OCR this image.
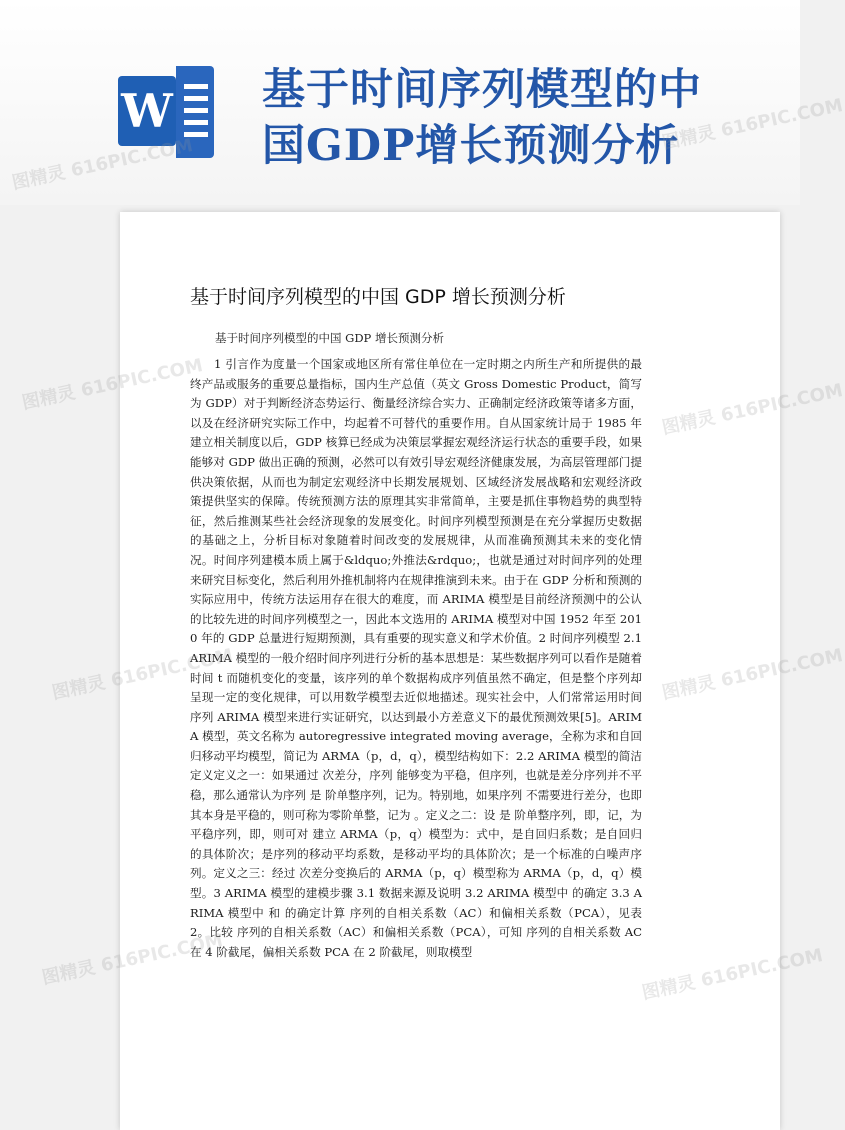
W 基于时间序列模型的中
国GDP增长预测分析
基于时间序列模型的中国 GDP 增长预测分析
基于时间序列模型的中国 GDP 增长预测分析
1 引言作为度量一个国家或地区所有常住单位在一定时期之内所生产和所提供的最终产品或服务的重要总量指标，国内生产总值（英文 Gross Domestic Product，简写为 GDP）对于判断经济态势运行、衡量经济综合实力、正确制定经济政策等诸多方面，以及在经济研究实际工作中，均起着不可替代的重要作用。自从国家统计局于 1985 年建立相关制度以后，GDP 核算已经成为决策层掌握宏观经济运行状态的重要手段，如果能够对 GDP 做出正确的预测，必然可以有效引导宏观经济健康发展，为高层管理部门提供决策依据，从而也为制定宏观经济中长期发展规划、区域经济发展战略和宏观经济政策提供坚实的保障。传统预测方法的原理其实非常简单，主要是抓住事物趋势的典型特征，然后推测某些社会经济现象的发展变化。时间序列模型预测是在充分掌握历史数据的基础之上，分析目标对象随着时间改变的发展规律，从而准确预测其未来的变化情况。时间序列建模本质上属于&ldquo;外推法&rdquo;，也就是通过对时间序列的处理来研究目标变化，然后利用外推机制将内在规律推演到未来。由于在 GDP 分析和预测的实际应用中，传统方法运用存在很大的难度，而 ARIMA 模型是目前经济预测中的公认的比较先进的时间序列模型之一，因此本文选用的 ARIMA 模型对中国 1952 年至 2010 年的 GDP 总量进行短期预测，具有重要的现实意义和学术价值。2 时间序列模型 2.1 ARIMA 模型的一般介绍时间序列进行分析的基本思想是：某些数据序列可以看作是随着时间 t 而随机变化的变量，该序列的单个数据构成序列值虽然不确定，但是整个序列却呈现一定的变化规律，可以用数学模型去近似地描述。现实社会中，人们常常运用时间序列 ARIMA 模型来进行实证研究，以达到最小方差意义下的最优预测效果[5]。ARIMA 模型，英文名称为 autoregressive integrated moving average，全称为求和自回归移动平均模型，简记为 ARMA（p，d，q），模型结构如下：2.2 ARIMA 模型的简洁定义定义之一：如果通过 次差分，序列 能够变为平稳，但序列，也就是差分序列并不平稳，那么通常认为序列 是 阶单整序列，记为。特别地，如果序列 不需要进行差分，也即其本身是平稳的，则可称为零阶单整，记为 。定义之二：设 是 阶单整序列，即，记，为平稳序列，即，则可对 建立 ARMA（p，q）模型为：式中，是自回归系数；是自回归的具体阶次；是序列的移动平均系数，是移动平均的具体阶次；是一个标准的白噪声序列。定义之三：经过 次差分变换后的 ARMA（p，q）模型称为 ARMA（p，d，q）模型。3 ARIMA 模型的建模步骤 3.1 数据来源及说明 3.2 ARIMA 模型中 的确定 3.3 ARIMA 模型中 和 的确定计算 序列的自相关系数（AC）和偏相关系数（PCA），见表 2。比较 序列的自相关系数（AC）和偏相关系数（PCA），可知 序列的自相关系数 AC 在 4 阶截尾，偏相关系数 PCA 在 2 阶截尾，则取模型
图精灵 616PIC.COM
图精灵 616PIC.COM
图精灵 616PIC.COM	图精灵 616PIC.COM
图精灵 616PIC.COM	图精灵 616PIC.COM
图精灵 616PIC.COM	图精灵 616PIC.COM
